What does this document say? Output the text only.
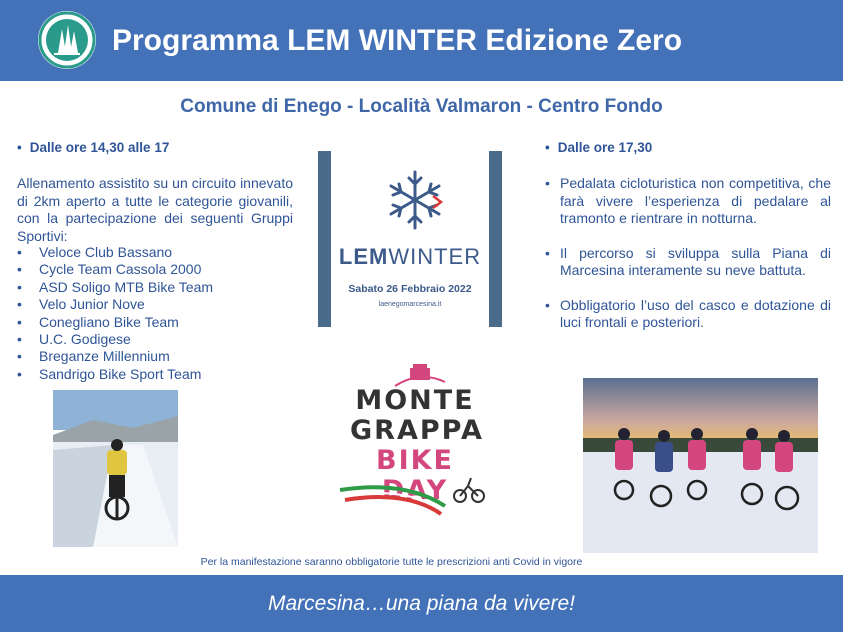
Programma LEM WINTER Edizione Zero
Comune di Enego - Località Valmaron - Centro Fondo
• Dalle ore 14,30 alle 17
Allenamento assistito su un circuito innevato di 2km aperto a tutte le categorie giovanili, con la partecipazione dei seguenti Gruppi Sportivi:
• Veloce Club Bassano
• Cycle Team Cassola 2000
• ASD Soligo MTB Bike Team
• Velo Junior Nove
• Conegliano Bike Team
• U.C. Godigese
• Breganze Millennium
• Sandrigo Bike Sport Team
• Dalle ore 17,30
• Pedalata cicloturistica non competitiva, che farà vivere l’esperienza di pedalare al tramonto e rientrare in notturna.
• Il percorso si sviluppa sulla Piana di Marcesina interamente su neve battuta.
• Obbligatorio l’uso del casco e dotazione di luci frontali e posteriori.
LEMWINTER
Sabato 26 Febbraio 2022
laenegomarcesina.it
MONTE
GRAPPA
BIKE DAY
Per la manifestazione saranno obbligatorie tutte le prescrizioni anti Covid in vigore
Marcesina…una piana da vivere!
